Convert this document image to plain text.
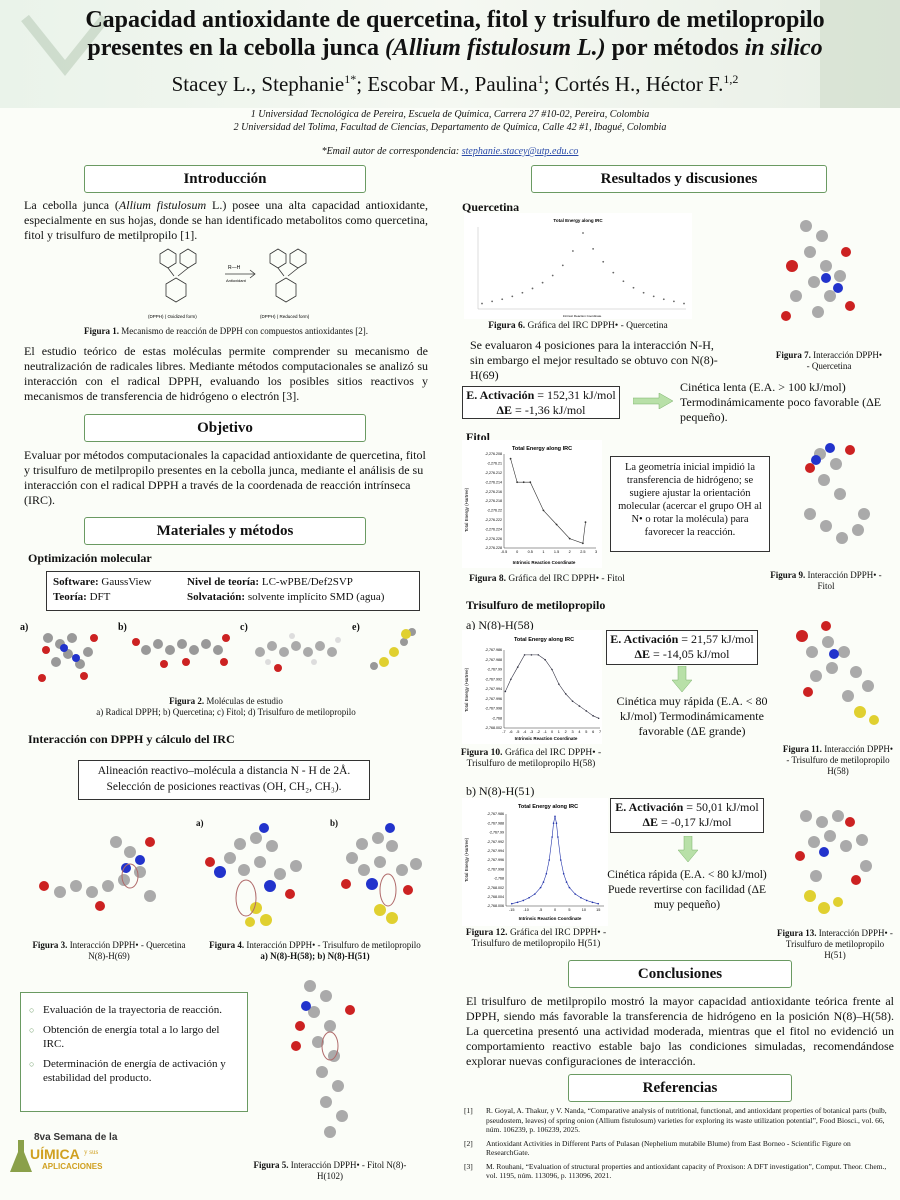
Capacidad antioxidante de quercetina, fitol y trisulfuro de metilopropilo
presentes en la cebolla junca (Allium fistulosum L.) por métodos in silico
Stacey L., Stephanie$^{1*}$; Escobar M., Paulina$^1$; Cortés H., Héctor F.$^{1,2}$
1 Universidad Tecnológica de Pereira, Escuela de Química, Carrera 27 #10-02, Pereira, Colombia
2 Universidad del Tolima, Facultad de Ciencias, Departamento de Química, Calle 42 #1, Ibagué, Colombia
*Email autor de correspondencia: stephanie.stacey@utp.edu.co
Introducción
La cebolla junca (Allium fistulosum L.) posee una alta capacidad antioxidante, especialmente en sus hojas, donde se han identificado metabolitos como quercetina, fitol y trisulfuro de metilpropilo [1].
R—H
Antioxidant
(DPPH) ( Oxidized form)	(DPPH) ( Reduced form)
Figura 1. Mecanismo de reacción de DPPH con compuestos antioxidantes [2].
El estudio teórico de estas moléculas permite comprender su mecanismo de neutralización de radicales libres. Mediante métodos computacionales se analizó su interacción con el radical DPPH, evaluando los posibles sitios reactivos y mecanismos de transferencia de hidrógeno o electrón [3].
Objetivo
Evaluar por métodos computacionales la capacidad antioxidante de quercetina, fitol y trisulfuro de metilpropilo presentes en la cebolla junca, mediante el análisis de su interacción con el radical DPPH a través de la coordenada de reacción intrínseca (IRC).
Materiales y métodos
Optimización molecular
Software: GaussView
Teoría: DFT
Nivel de teoría: LC-wPBE/Def2SVP
Solvatación: solvente implícito SMD (agua)
a)	b)	c)	e)
Figura 2. Moléculas de estudio
a) Radical DPPH; b) Quercetina; c) Fitol; d) Trisulfuro de metilopropilo
Interacción con DPPH y cálculo del IRC
Alineación reactivo–molécula a distancia N - H de 2Å.
Selección de posiciones reactivas (OH, CH₂, CH₃).
a)	b)
Figura 3. Interacción DPPH• - Quercetina N(8)-H(69)
Figura 4. Interacción DPPH• - Trisulfuro de metilopropilo
a) N(8)-H(58); b) N(8)-H(51)
○ Evaluación de la trayectoria de reacción.
○ Obtención de energía total a lo largo del IRC.
○ Determinación de energía de activación y estabilidad del producto.
Figura 5. Interacción DPPH• - Fitol N(8)-H(102)
8va Semana de la
UÍMICA y sus
APLICACIONES
Resultados y discusiones
Quercetina
Total Energy along IRC
Intrinsic Reaction Coordinate
Figura 6. Gráfica del IRC DPPH• - Quercetina
Se evaluaron 4 posiciones para la interacción N-H, sin embargo el mejor resultado se obtuvo con N(8)-H(69)
Figura 7. Interacción DPPH• - Quercetina
E. Activación = 152,31 kJ/mol
ΔE = -1,36 kJ/mol
Cinética lenta (E.A. > 100 kJ/mol) Termodinámicamente poco favorable (ΔE pequeño).
Fitol
Total Energy along IRC
Total Energy (Hartree)
Intrinsic Reaction Coordinate
-2,276.208
-2,276.21
-2,276.212
-2,276.214
-2,276.216
-2,276.218
-2,276.22
-2,276.222
-2,276.224
-2,276.226
-2,276.228
-0.5 0 0.5 1 1.5 2 2.5 3
La geometría inicial impidió la transferencia de hidrógeno; se sugiere ajustar la orientación molecular (acercar el grupo OH al N• o rotar la molécula) para favorecer la reacción.
Figura 8. Gráfica del IRC DPPH• - Fitol	Figura 9. Interacción DPPH• - Fitol
Trisulfuro de metilopropilo
a) N(8)-H(58)
Total Energy along IRC
Total Energy (Hartree)
Intrinsic Reaction Coordinate
-2,767.986
-2,767.988
-2,767.99
-2,767.992
-2,767.994
-2,767.996
-2,767.998
-2,768
-2,768.002
-7 -6 -5 -4 -3 -2 -1 0 1 2 3 4 5 6 7
E. Activación = 21,57 kJ/mol
ΔE = -14,05 kJ/mol
Cinética muy rápida (E.A. < 80 kJ/mol) Termodinámicamente favorable (ΔE grande)
Figura 10. Gráfica del IRC DPPH• - Trisulfuro de metilopropilo H(58)
Figura 11. Interacción DPPH• - Trisulfuro de metilopropilo H(58)
b) N(8)-H(51)
Total Energy along IRC
Total Energy (Hartree)
Intrinsic Reaction Coordinate
-2,767.986
-2,767.988
-2,767.99
-2,767.992
-2,767.994
-2,767.996
-2,767.998
-2,768
-2,768.002
-2,768.004
-2,768.006
-15 -10	-5	0	5	10	15
E. Activación = 50,01 kJ/mol
ΔE = -0,17 kJ/mol
Cinética rápida (E.A. < 80 kJ/mol) Puede revertirse con facilidad (ΔE muy pequeño)
Figura 12. Gráfica del IRC DPPH• - Trisulfuro de metilopropilo H(51)
Figura 13. Interacción DPPH• - Trisulfuro de metilopropilo H(51)
Conclusiones
El trisulfuro de metilpropilo mostró la mayor capacidad antioxidante teórica frente al DPPH, siendo más favorable la transferencia de hidrógeno en la posición N(8)–H(58). La quercetina presentó una actividad moderada, mientras que el fitol no evidenció un comportamiento reactivo estable bajo las condiciones simuladas, recomendándose explorar nuevas configuraciones de interacción.
Referencias
[1]	R. Goyal, A. Thakur, y V. Nanda, “Comparative analysis of nutritional, functional, and antioxidant properties of botanical parts (bulb, pseudostem, leaves) of spring onion (Allium fistulosum) varieties for exploring its waste utilization potential”, Food Biosci., vol. 66, núm. 106239, p. 106239, 2025.
[2]	Antioxidant Activities in Different Parts of Pulasan (Nephelium mutabile Blume) from East Borneo - Scientific Figure on ResearchGate.
[3]	M. Rouhani, “Evaluation of structural properties and antioxidant capacity of Proxison: A DFT investigation”, Comput. Theor. Chem., vol. 1195, núm. 113096, p. 113096, 2021.
